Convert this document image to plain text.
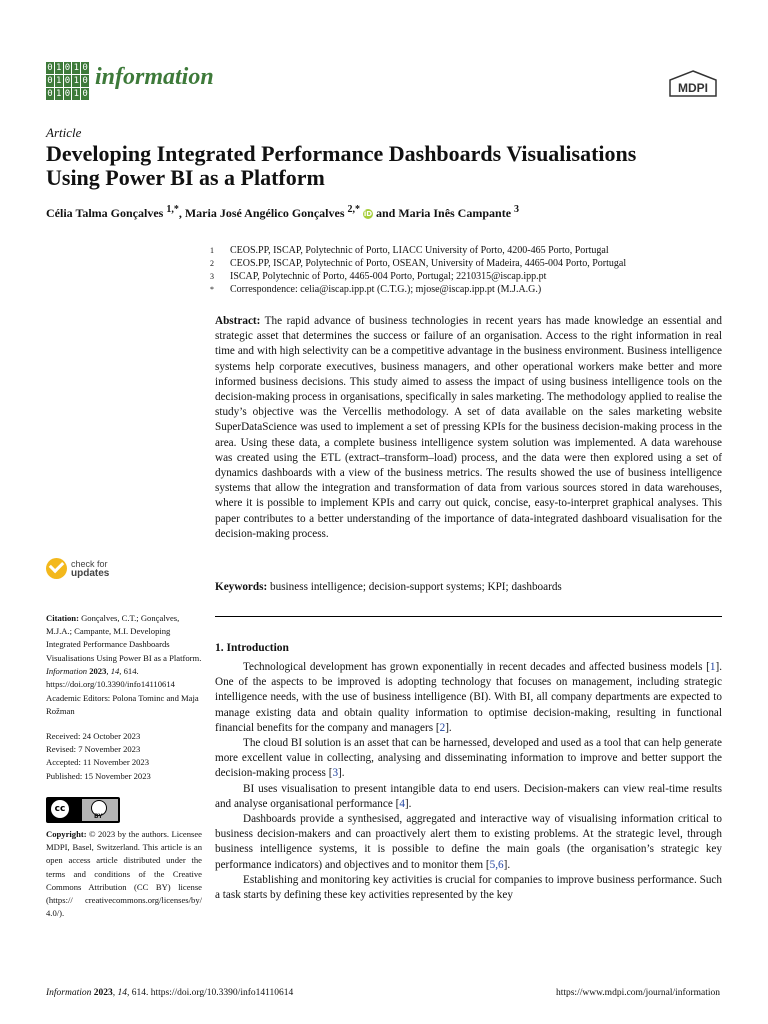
0 1 0 1 0
0 1 0 1 0
0 1 0 1 0
information	MDPI
Article
Developing Integrated Performance Dashboards Visualisations
Using Power BI as a Platform
Célia Talma Gonçalves $^{1,*}$, Maria José Angélico Gonçalves $^{2,*}$ iD and Maria Inês Campante $^3$
1	CEOS.PP, ISCAP, Polytechnic of Porto, LIACC University of Porto, 4200-465 Porto, Portugal
2	CEOS.PP, ISCAP, Polytechnic of Porto, OSEAN, University of Madeira, 4465-004 Porto, Portugal
3	ISCAP, Polytechnic of Porto, 4465-004 Porto, Portugal; 2210315@iscap.ipp.pt
*	Correspondence: celia@iscap.ipp.pt (C.T.G.); mjose@iscap.ipp.pt (M.J.A.G.)
Abstract: The rapid advance of business technologies in recent years has made knowledge an essential and strategic asset that determines the success or failure of an organisation. Access to the right information in real time and with high selectivity can be a competitive advantage in the business environment. Business intelligence systems help corporate executives, business managers, and other operational workers make better and more informed business decisions. This study aimed to assess the impact of using business intelligence tools on the decision-making process in organisations, specifically in sales marketing. The methodology applied to realise the study’s objective was the Vercellis methodology. A set of data available on the sales marketing website SuperDataScience was used to implement a set of pressing KPIs for the business decision-making process in the area. Using these data, a complete business intelligence system solution was implemented. A data warehouse was created using the ETL (extract–transform–load) process, and the data were then explored using a set of dynamics dashboards with a view of the business metrics. The results showed the use of business intelligence systems that allow the integration and transformation of data from various sources stored in data warehouses, where it is possible to implement KPIs and carry out quick, concise, easy-to-interpret graphical analyses. This paper contributes to a better understanding of the importance of data-integrated dashboard visualisation for the decision-making process.
Keywords: business intelligence; decision-support systems; KPI; dashboards
1. Introduction

Technological development has grown exponentially in recent decades and affected business models [1]. One of the aspects to be improved is adopting technology that focuses on management, including strategic intelligence needs, with the use of business intelligence (BI). With BI, all company departments are expected to manage existing data and obtain quality information to optimise decision-making, resulting in functional financial benefits for the company and managers [2].

The cloud BI solution is an asset that can be harnessed, developed and used as a tool that can help generate more excellent value in collecting, analysing and disseminating information to improve and better support the decision-making process [3].

BI uses visualisation to present intangible data to end users. Decision-makers can view real-time results and analyse organisational performance [4].

Dashboards provide a synthesised, aggregated and interactive way of visualising information critical to business decision-makers and can proactively alert them to existing problems. At the strategic level, through business intelligence systems, it is possible to define the main goals (the organisation’s strategic key performance indicators) and objectives and to monitor them [5,6].

Establishing and monitoring key activities is crucial for companies to improve business performance. Such a task starts by defining these key activities represented by the key

check for
updates
Citation: Gonçalves, C.T.; Gonçalves, M.J.A.; Campante, M.I. Developing Integrated Performance Dashboards Visualisations Using Power BI as a Platform. Information 2023, 14, 614. https://doi.org/10.3390/info14110614
Academic Editors: Polona Tominc and Maja Rožman
Received: 24 October 2023
Revised: 7 November 2023
Accepted: 11 November 2023
Published: 15 November 2023
cc
BY
Copyright: © 2023 by the authors. Licensee MDPI, Basel, Switzerland. This article is an open access article distributed under the terms and conditions of the Creative Commons Attribution (CC BY) license (https:// creativecommons.org/licenses/by/ 4.0/).
Information 2023, 14, 614. https://doi.org/10.3390/info14110614	https://www.mdpi.com/journal/information
